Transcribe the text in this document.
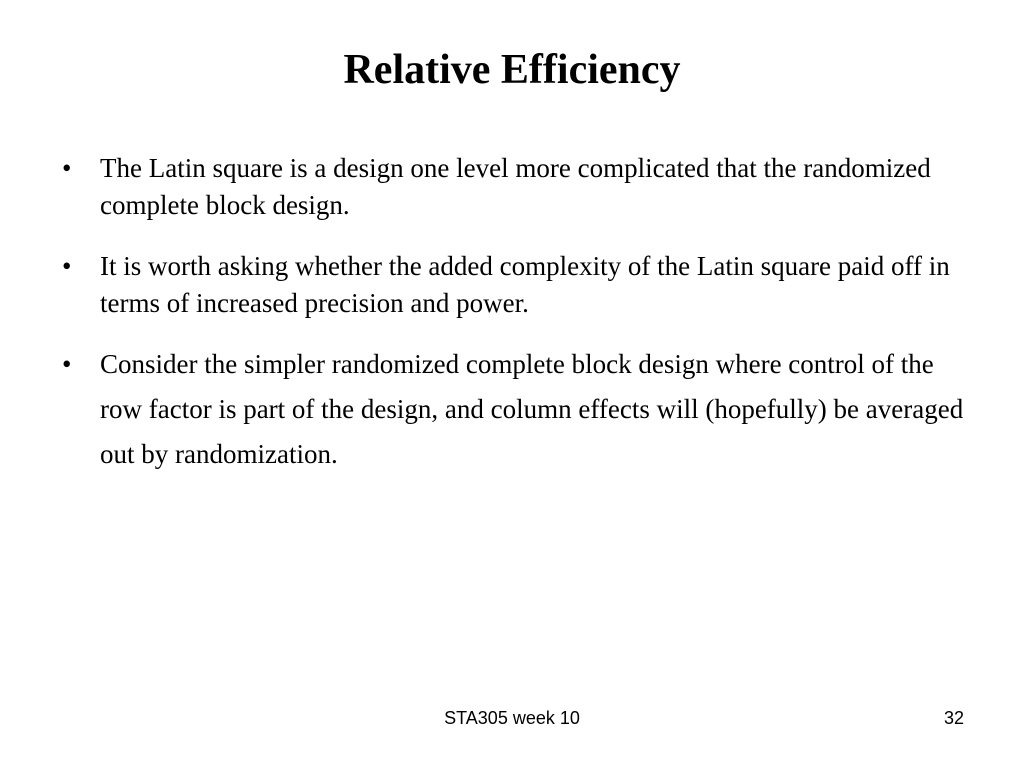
Relative Efficiency
• The Latin square is a design one level more complicated that the randomized complete block design.
• It is worth asking whether the added complexity of the Latin square paid off in terms of increased precision and power.
• Consider the simpler randomized complete block design where control of the row factor is part of the design, and column effects will (hopefully) be averaged out by randomization.
STA305 week 10	32
